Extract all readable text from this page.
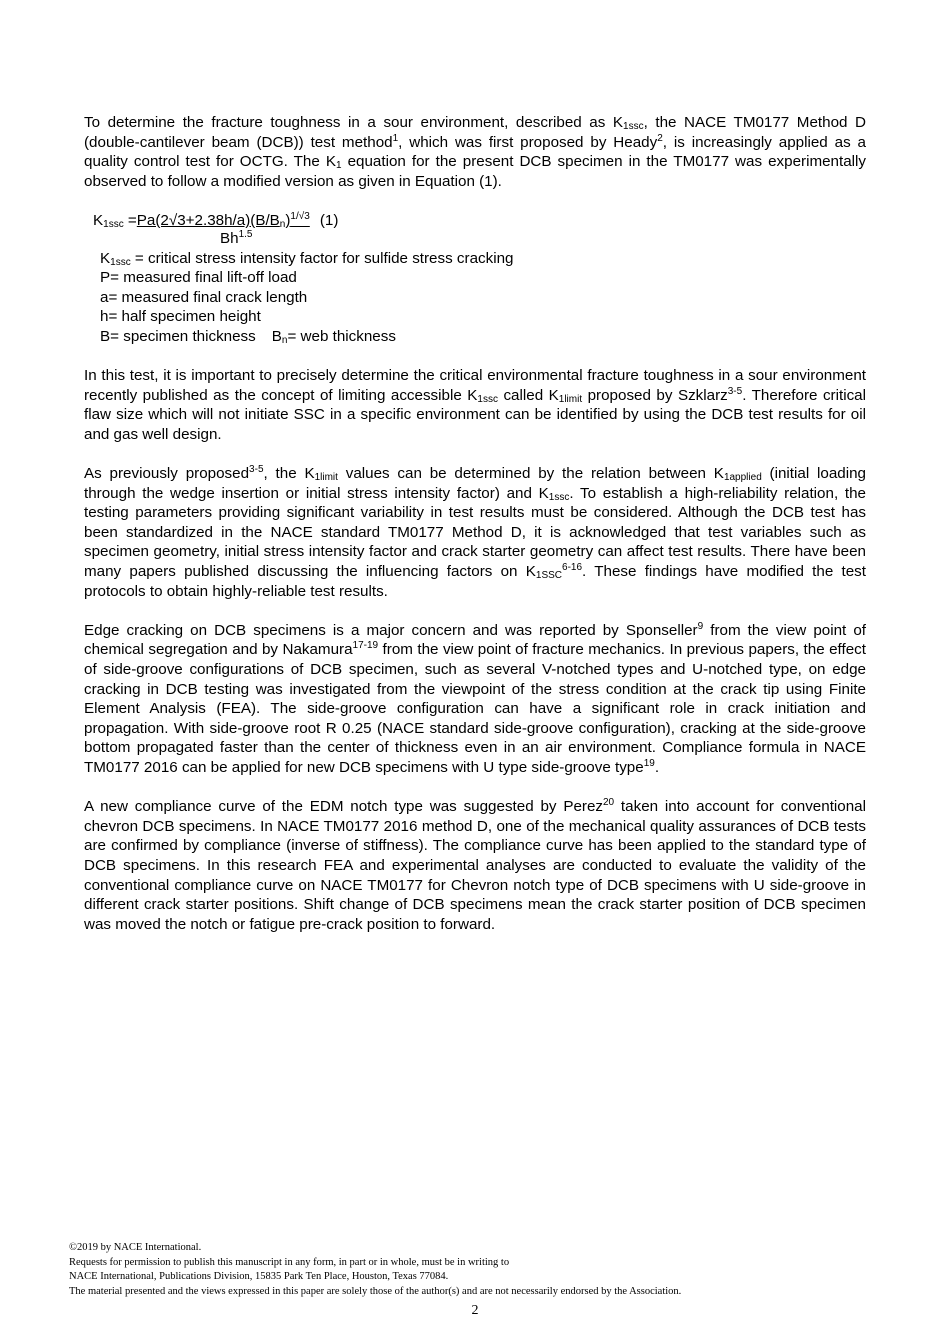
To determine the fracture toughness in a sour environment, described as $K_{1ssc}$, the NACE TM0177 Method D (double-cantilever beam (DCB)) test method$^1$, which was first proposed by Heady$^2$, is increasingly applied as a quality control test for OCTG. The $K_1$ equation for the present DCB specimen in the TM0177 was experimentally observed to follow a modified version as given in Equation (1).

$K_{1ssc} =Pa(2√3+2.38h/a)(B/B_n)^{1/√3}$ (1)
$Bh^{1.5}$
$K_{1ssc}$ = critical stress intensity factor for sulfide stress cracking
P= measured final lift-off load
a= measured final crack length
h= half specimen height
B= specimen thickness $B_n=$ web thickness

In this test, it is important to precisely determine the critical environmental fracture toughness in a sour environment recently published as the concept of limiting accessible $K_{1ssc}$ called $K_{1limit}$ proposed by Szklarz$^{3-5}$. Therefore critical flaw size which will not initiate SSC in a specific environment can be identified by using the DCB test results for oil and gas well design.

As previously proposed$^{3-5}$, the $K_{1limit}$ values can be determined by the relation between $K_{1applied}$ (initial loading through the wedge insertion or initial stress intensity factor) and $K_{1ssc}$. To establish a high-reliability relation, the testing parameters providing significant variability in test results must be considered. Although the DCB test has been standardized in the NACE standard TM0177 Method D, it is acknowledged that test variables such as specimen geometry, initial stress intensity factor and crack starter geometry can affect test results. There have been many papers published discussing the influencing factors on $K_{1SSC}^{6-16}$. These findings have modified the test protocols to obtain highly-reliable test results.

Edge cracking on DCB specimens is a major concern and was reported by Sponseller$^9$ from the view point of chemical segregation and by Nakamura$^{17-19}$ from the view point of fracture mechanics. In previous papers, the effect of side-groove configurations of DCB specimen, such as several V-notched types and U-notched type, on edge cracking in DCB testing was investigated from the viewpoint of the stress condition at the crack tip using Finite Element Analysis (FEA). The side-groove configuration can have a significant role in crack initiation and propagation. With side-groove root R 0.25 (NACE standard side-groove configuration), cracking at the side-groove bottom propagated faster than the center of thickness even in an air environment. Compliance formula in NACE TM0177 2016 can be applied for new DCB specimens with U type side-groove type$^{19}$.

A new compliance curve of the EDM notch type was suggested by Perez$^{20}$ taken into account for conventional chevron DCB specimens. In NACE TM0177 2016 method D, one of the mechanical quality assurances of DCB tests are confirmed by compliance (inverse of stiffness). The compliance curve has been applied to the standard type of DCB specimens. In this research FEA and experimental analyses are conducted to evaluate the validity of the conventional compliance curve on NACE TM0177 for Chevron notch type of DCB specimens with U side-groove in different crack starter positions. Shift change of DCB specimens mean the crack starter position of DCB specimen was moved the notch or fatigue pre-crack position to forward.

©2019 by NACE International.
Requests for permission to publish this manuscript in any form, in part or in whole, must be in writing to
NACE International, Publications Division, 15835 Park Ten Place, Houston, Texas 77084.
The material presented and the views expressed in this paper are solely those of the author(s) and are not necessarily endorsed by the Association.
2
